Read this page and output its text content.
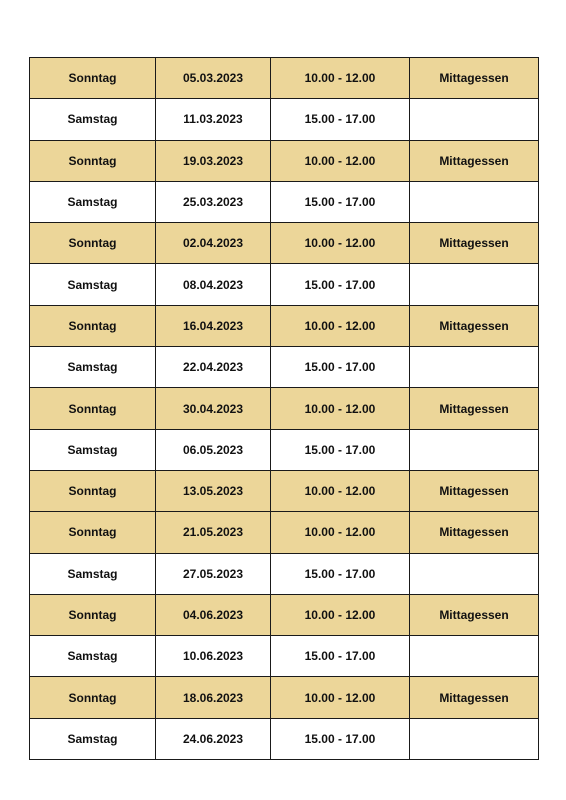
Sonntag	05.03.2023	10.00 - 12.00	Mittagessen
Samstag	11.03.2023	15.00 - 17.00	
Sonntag	19.03.2023	10.00 - 12.00	Mittagessen
Samstag	25.03.2023	15.00 - 17.00	
Sonntag	02.04.2023	10.00 - 12.00	Mittagessen
Samstag	08.04.2023	15.00 - 17.00	
Sonntag	16.04.2023	10.00 - 12.00	Mittagessen
Samstag	22.04.2023	15.00 - 17.00	
Sonntag	30.04.2023	10.00 - 12.00	Mittagessen
Samstag	06.05.2023	15.00 - 17.00	
Sonntag	13.05.2023	10.00 - 12.00	Mittagessen
Sonntag	21.05.2023	10.00 - 12.00	Mittagessen
Samstag	27.05.2023	15.00 - 17.00	
Sonntag	04.06.2023	10.00 - 12.00	Mittagessen
Samstag	10.06.2023	15.00 - 17.00	
Sonntag	18.06.2023	10.00 - 12.00	Mittagessen
Samstag	24.06.2023	15.00 - 17.00	
